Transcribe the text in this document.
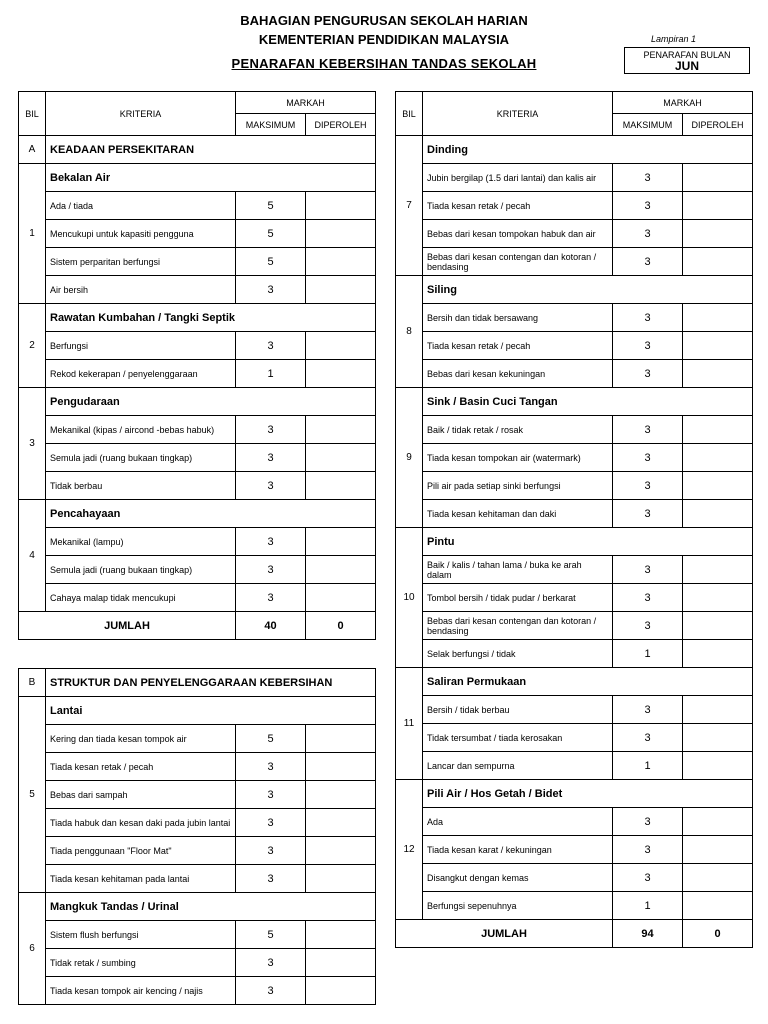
BAHAGIAN PENGURUSAN SEKOLAH HARIAN
KEMENTERIAN PENDIDIKAN MALAYSIA
PENARAFAN KEBERSIHAN TANDAS SEKOLAH
Lampiran 1
PENARAFAN BULAN
JUN
BIL	KRITERIA	MARKAH	
		MAKSIMUM	DIPEROLEH
A	KEADAAN PERSEKITARAN		
1	Bekalan Air		
	Ada / tiada	5	
	Mencukupi untuk kapasiti pengguna	5	
	Sistem perparitan berfungsi	5	
	Air bersih	3	
2	Rawatan Kumbahan / Tangki Septik		
	Berfungsi	3	
	Rekod kekerapan / penyelenggaraan	1	
3	Pengudaraan		
	Mekanikal (kipas / aircond -bebas habuk)	3	
	Semula jadi (ruang bukaan tingkap)	3	
	Tidak berbau	3	
4	Pencahayaan		
	Mekanikal (lampu)	3	
	Semula jadi (ruang bukaan tingkap)	3	
	Cahaya malap tidak mencukupi	3	
JUMLAH		40	0
B	STRUKTUR DAN PENYELENGGARAAN KEBERSIHAN		
5	Lantai		
	Kering dan tiada kesan tompok air	5	
	Tiada kesan retak / pecah	3	
	Bebas dari sampah	3	
	Tiada habuk dan kesan daki pada jubin lantai	3	
	Tiada penggunaan "Floor Mat"	3	
	Tiada kesan kehitaman pada lantai	3	
6	Mangkuk Tandas / Urinal		
	Sistem flush berfungsi	5	
	Tidak retak / sumbing	3	
	Tiada kesan tompok air kencing / najis	3	
BIL	KRITERIA	MARKAH	
		MAKSIMUM	DIPEROLEH
7	Dinding		
	Jubin bergilap (1.5 dari lantai) dan kalis air	3	
	Tiada kesan retak / pecah	3	
	Bebas dari kesan tompokan habuk dan air	3	
	Bebas dari kesan contengan dan kotoran / bendasing	3	
8	Siling		
	Bersih dan tidak bersawang	3	
	Tiada kesan retak / pecah	3	
	Bebas dari kesan kekuningan	3	
9	Sink / Basin Cuci Tangan		
	Baik / tidak retak / rosak	3	
	Tiada kesan tompokan air (watermark)	3	
	Pili air pada setiap sinki berfungsi	3	
	Tiada kesan kehitaman dan daki	3	
10	Pintu		
	Baik / kalis / tahan lama / buka ke arah dalam	3	
	Tombol bersih / tidak pudar / berkarat	3	
	Bebas dari kesan contengan dan kotoran / bendasing	3	
	Selak berfungsi / tidak	1	
11	Saliran Permukaan		
	Bersih / tidak berbau	3	
	Tidak tersumbat / tiada kerosakan	3	
	Lancar dan sempurna	1	
12	Pili Air / Hos Getah / Bidet		
	Ada	3	
	Tiada kesan karat / kekuningan	3	
	Disangkut dengan kemas	3	
	Berfungsi sepenuhnya	1	
JUMLAH		94	0
